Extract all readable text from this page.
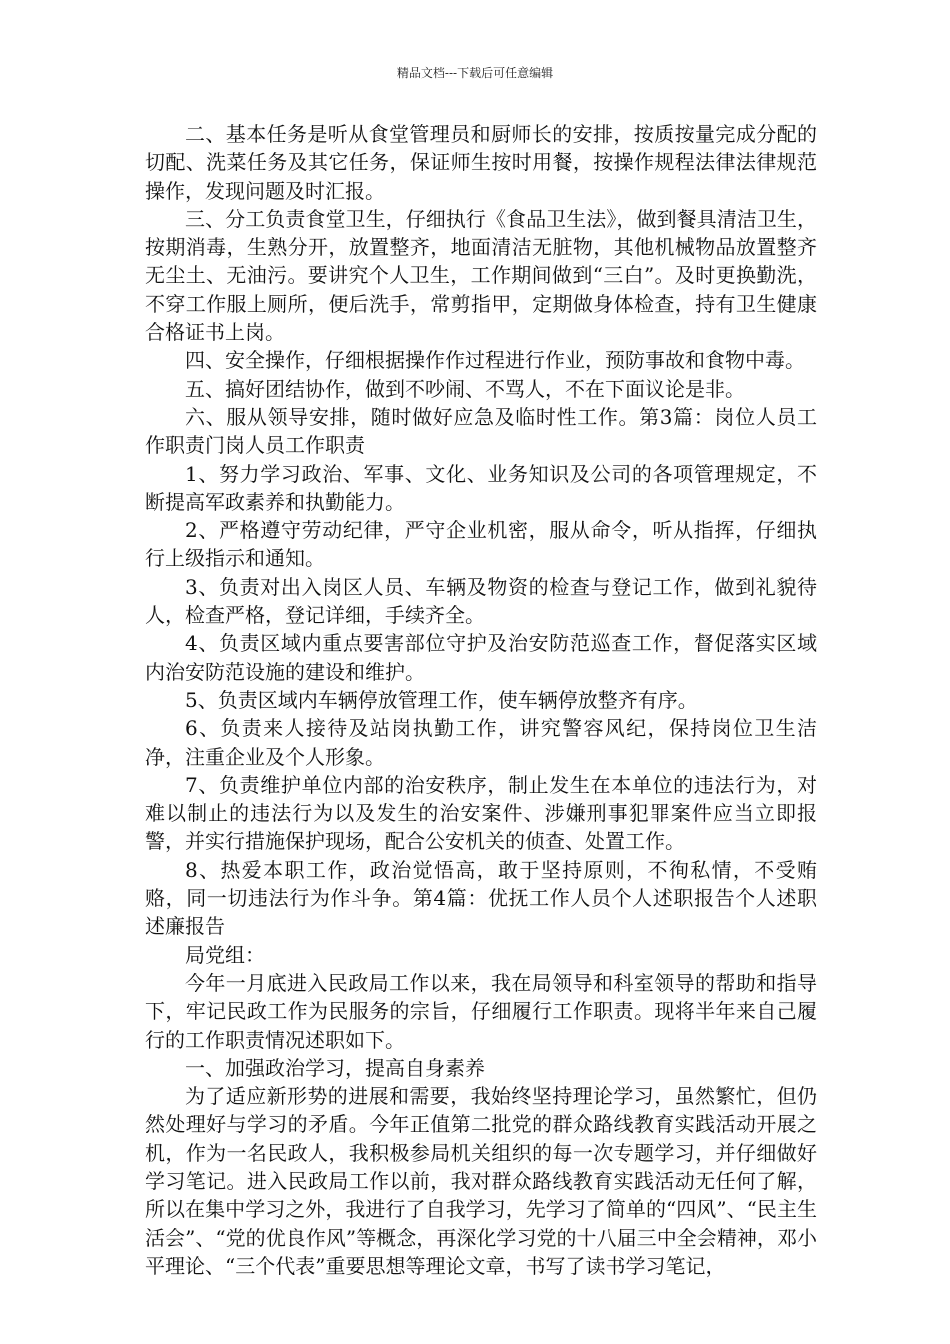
精品文档---下载后可任意编辑

二、基本任务是听从食堂管理员和厨师长的安排，按质按量完成分配的切配、洗菜任务及其它任务，保证师生按时用餐，按操作规程法律法律规范操作，发现问题及时汇报。

三、分工负责食堂卫生，仔细执行《食品卫生法》，做到餐具清洁卫生，按期消毒，生熟分开，放置整齐，地面清洁无脏物，其他机械物品放置整齐无尘土、无油污。要讲究个人卫生，工作期间做到“三白”。及时更换勤洗，不穿工作服上厕所，便后洗手，常剪指甲，定期做身体检查，持有卫生健康合格证书上岗。

四、安全操作，仔细根据操作作过程进行作业，预防事故和食物中毒。

五、搞好团结协作，做到不吵闹、不骂人，不在下面议论是非。

六、服从领导安排，随时做好应急及临时性工作。第3篇：岗位人员工作职责门岗人员工作职责

1、努力学习政治、军事、文化、业务知识及公司的各项管理规定，不断提高军政素养和执勤能力。

2、严格遵守劳动纪律，严守企业机密，服从命令，听从指挥，仔细执行上级指示和通知。

3、负责对出入岗区人员、车辆及物资的检查与登记工作，做到礼貌待人，检查严格，登记详细，手续齐全。

4、负责区域内重点要害部位守护及治安防范巡查工作，督促落实区域内治安防范设施的建设和维护。

5、负责区域内车辆停放管理工作，使车辆停放整齐有序。

6、负责来人接待及站岗执勤工作，讲究警容风纪，保持岗位卫生洁净，注重企业及个人形象。

7、负责维护单位内部的治安秩序，制止发生在本单位的违法行为，对难以制止的违法行为以及发生的治安案件、涉嫌刑事犯罪案件应当立即报警，并实行措施保护现场，配合公安机关的侦查、处置工作。

8、热爱本职工作，政治觉悟高，敢于坚持原则，不徇私情，不受贿赂，同一切违法行为作斗争。第4篇：优抚工作人员个人述职报告个人述职述廉报告

局党组：

今年一月底进入民政局工作以来，我在局领导和科室领导的帮助和指导下，牢记民政工作为民服务的宗旨，仔细履行工作职责。现将半年来自己履行的工作职责情况述职如下。

一、加强政治学习，提高自身素养

为了适应新形势的进展和需要，我始终坚持理论学习，虽然繁忙，但仍然处理好与学习的矛盾。今年正值第二批党的群众路线教育实践活动开展之机，作为一名民政人，我积极参局机关组织的每一次专题学习，并仔细做好学习笔记。进入民政局工作以前，我对群众路线教育实践活动无任何了解，所以在集中学习之外，我进行了自我学习，先学习了简单的“四风”、“民主生活会”、“党的优良作风”等概念，再深化学习党的十八届三中全会精神，邓小平理论、“三个代表”重要思想等理论文章，书写了读书学习笔记，
